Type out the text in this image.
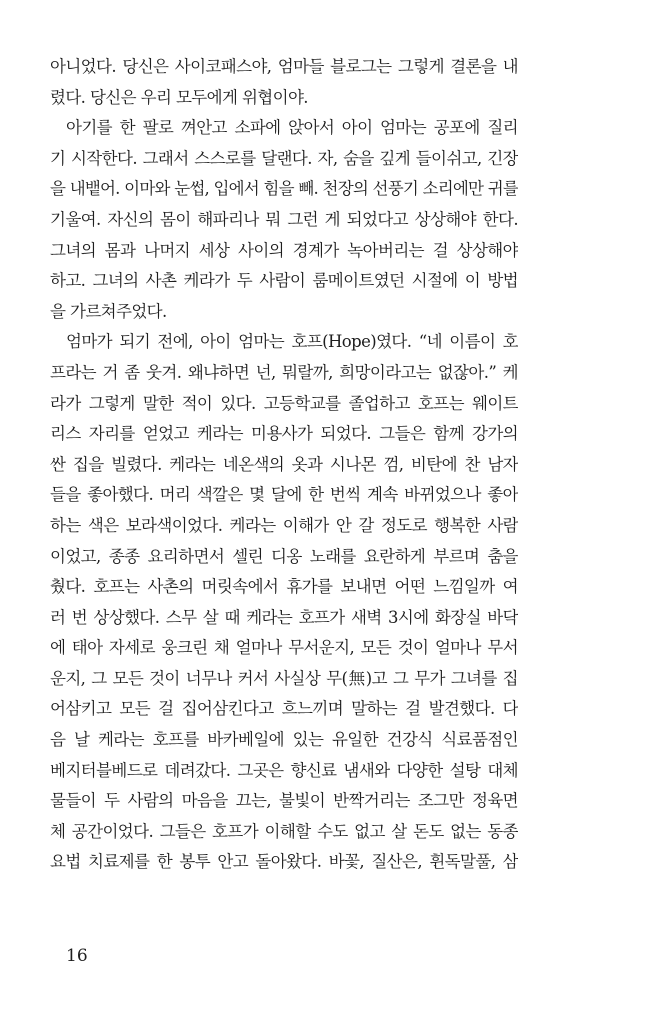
아니었다. 당신은 사이코패스야, 엄마들 블로그는 그렇게 결론을 내
렸다. 당신은 우리 모두에게 위협이야.
아기를 한 팔로 껴안고 소파에 앉아서 아이 엄마는 공포에 질리
기 시작한다. 그래서 스스로를 달랜다. 자, 숨을 깊게 들이쉬고, 긴장
을 내뱉어. 이마와 눈썹, 입에서 힘을 빼. 천장의 선풍기 소리에만 귀를
기울여. 자신의 몸이 해파리나 뭐 그런 게 되었다고 상상해야 한다.
그녀의 몸과 나머지 세상 사이의 경계가 녹아버리는 걸 상상해야
하고. 그녀의 사촌 케라가 두 사람이 룸메이트였던 시절에 이 방법
을 가르쳐주었다.
엄마가 되기 전에, 아이 엄마는 호프(Hope)였다. “네 이름이 호
프라는 거 좀 웃겨. 왜냐하면 넌, 뭐랄까, 희망이라고는 없잖아.” 케
라가 그렇게 말한 적이 있다. 고등학교를 졸업하고 호프는 웨이트
리스 자리를 얻었고 케라는 미용사가 되었다. 그들은 함께 강가의
싼 집을 빌렸다. 케라는 네온색의 옷과 시나몬 껌, 비탄에 찬 남자
들을 좋아했다. 머리 색깔은 몇 달에 한 번씩 계속 바뀌었으나 좋아
하는 색은 보라색이었다. 케라는 이해가 안 갈 정도로 행복한 사람
이었고, 종종 요리하면서 셀린 디옹 노래를 요란하게 부르며 춤을
췄다. 호프는 사촌의 머릿속에서 휴가를 보내면 어떤 느낌일까 여
러 번 상상했다. 스무 살 때 케라는 호프가 새벽 3시에 화장실 바닥
에 태아 자세로 웅크린 채 얼마나 무서운지, 모든 것이 얼마나 무서
운지, 그 모든 것이 너무나 커서 사실상 무(無)고 그 무가 그녀를 집
어삼키고 모든 걸 집어삼킨다고 흐느끼며 말하는 걸 발견했다. 다
음 날 케라는 호프를 바카베일에 있는 유일한 건강식 식료품점인
베지터블베드로 데려갔다. 그곳은 향신료 냄새와 다양한 설탕 대체
물들이 두 사람의 마음을 끄는, 불빛이 반짝거리는 조그만 정육면
체 공간이었다. 그들은 호프가 이해할 수도 없고 살 돈도 없는 동종
요법 치료제를 한 봉투 안고 돌아왔다. 바꽃, 질산은, 휜독말풀, 삼
16
